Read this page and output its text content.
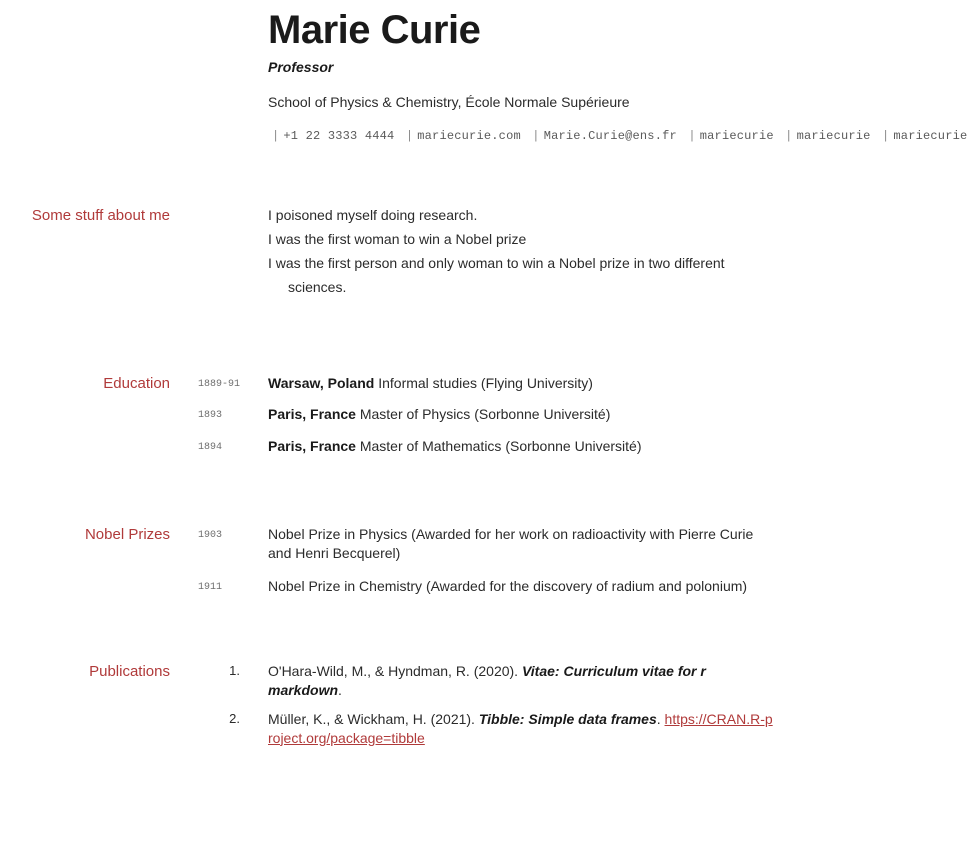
Marie Curie
Professor
School of Physics & Chemistry, École Normale Supérieure
| +1 22 3333 4444 | mariecurie.com | Marie.Curie@ens.fr | mariecurie | mariecurie | mariecurie
Some stuff about me	I poisoned myself doing research.
I was the first woman to win a Nobel prize
I was the first person and only woman to win a Nobel prize in two different
sciences.
Education	1889-91	Warsaw, Poland Informal studies (Flying University)
1893	Paris, France Master of Physics (Sorbonne Université)
1894	Paris, France Master of Mathematics (Sorbonne Université)
Nobel Prizes	1903	Nobel Prize in Physics (Awarded for her work on radioactivity with Pierre Curie and Henri Becquerel)
1911	Nobel Prize in Chemistry (Awarded for the discovery of radium and polonium)
Publications	1.	O'Hara-Wild, M., & Hyndman, R. (2020). Vitae: Curriculum vitae for r markdown.
2.	Müller, K., & Wickham, H. (2021). Tibble: Simple data frames. https://CRAN.R-project.org/package=tibble
